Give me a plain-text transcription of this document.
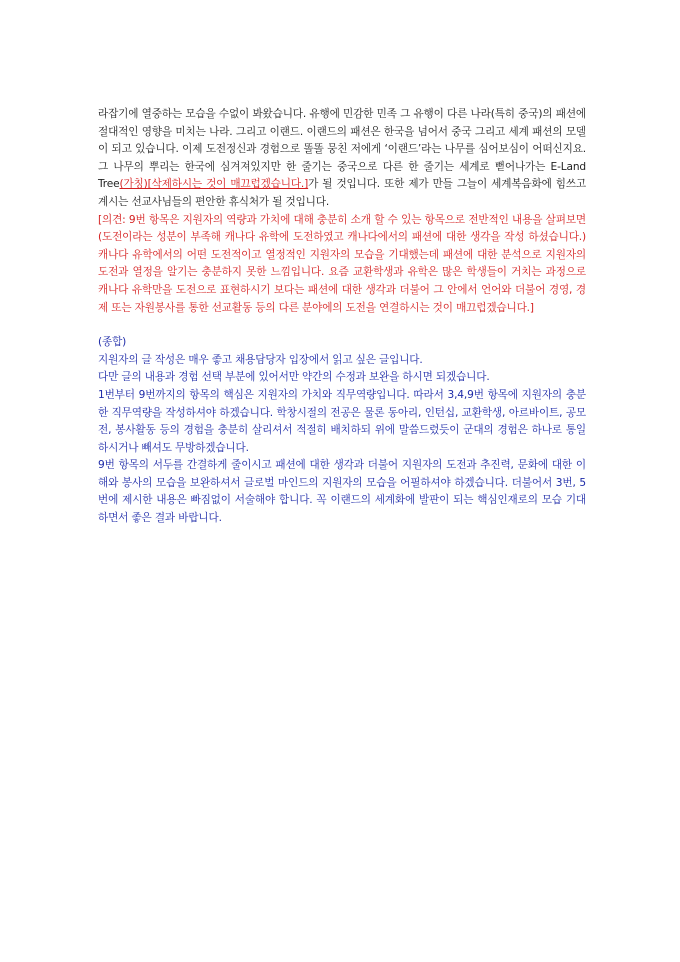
라잡기에 열중하는 모습을 수없이 봐왔습니다. 유행에 민감한 민족 그 유행이 다른 나라(특히 중국)의 패션에 절대적인 영향을 미치는 나라. 그리고 이랜드. 이랜드의 패션은 한국을 넘어서 중국 그리고 세계 패션의 모델이 되고 있습니다. 이제 도전정신과 경험으로 똘똘 뭉친 저에게 ‘이랜드’라는 나무를 심어보심이 어떠신지요. 그 나무의 뿌리는 한국에 심겨져있지만 한 줄기는 중국으로 다른 한 줄기는 세계로 뻗어나가는 E-Land Tree(가칭)[삭제하시는 것이 매끄럽겠습니다.]가 될 것입니다. 또한 제가 만들 그늘이 세계복음화에 힘쓰고 계시는 선교사님들의 편안한 휴식처가 될 것입니다.

[의견: 9번 항목은 지원자의 역량과 가치에 대해 충분히 소개 할 수 있는 항목으로 전반적인 내용을 살펴보면 (도전이라는 성분이 부족해 캐나다 유학에 도전하였고 캐나다에서의 패션에 대한 생각을 작성 하셨습니다.) 캐나다 유학에서의 어떤 도전적이고 열정적인 지원자의 모습을 기대했는데 패션에 대한 분석으로 지원자의 도전과 열정을 알기는 충분하지 못한 느낌입니다. 요즘 교환학생과 유학은 많은 학생들이 거치는 과정으로 캐나다 유학만을 도전으로 표현하시기 보다는 패션에 대한 생각과 더불어 그 안에서 언어와 더불어 경영, 경제 또는 자원봉사를 통한 선교활동 등의 다른 분야에의 도전을 연결하시는 것이 매끄럽겠습니다.]

(종합)

지원자의 글 작성은 매우 좋고 채용담당자 입장에서 읽고 싶은 글입니다.

다만 글의 내용과 경험 선택 부분에 있어서만 약간의 수정과 보완을 하시면 되겠습니다.

1번부터 9번까지의 항목의 핵심은 지원자의 가치와 직무역량입니다. 따라서 3,4,9번 항목에 지원자의 충분한 직무역량을 작성하셔야 하겠습니다. 학창시절의 전공은 물론 동아리, 인턴십, 교환학생, 아르바이트, 공모전, 봉사활동 등의 경험을 충분히 살리셔서 적절히 배치하되 위에 말씀드렸듯이 군대의 경험은 하나로 통일하시거나 빼셔도 무방하겠습니다.

9번 항목의 서두를 간결하게 줄이시고 패션에 대한 생각과 더불어 지원자의 도전과 추진력, 문화에 대한 이해와 봉사의 모습을 보완하셔서 글로벌 마인드의 지원자의 모습을 어필하셔야 하겠습니다. 더불어서 3번, 5번에 제시한 내용은 빠짐없이 서술해야 합니다. 꼭 이랜드의 세계화에 발판이 되는 핵심인재로의 모습 기대하면서 좋은 결과 바랍니다.
